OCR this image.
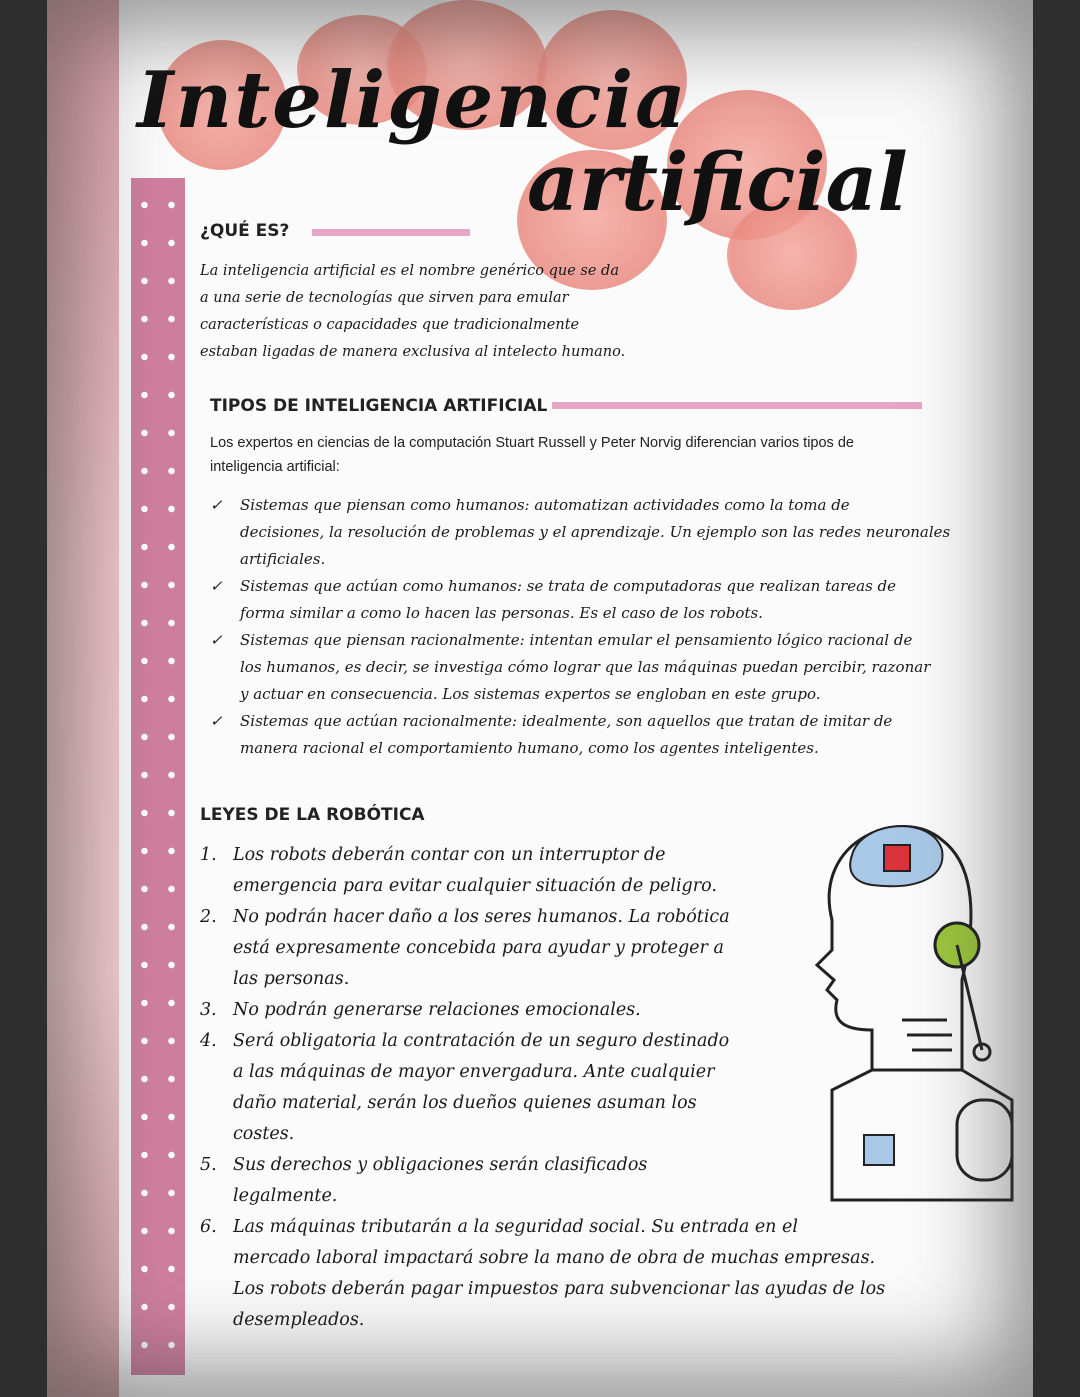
Inteligencia
artificial
¿QUÉ ES?
La inteligencia artificial es el nombre genérico que se da
a una serie de tecnologías que sirven para emular
características o capacidades que tradicionalmente
estaban ligadas de manera exclusiva al intelecto humano.
TIPOS DE INTELIGENCIA ARTIFICIAL
Los expertos en ciencias de la computación Stuart Russell y Peter Norvig diferencian varios tipos de
inteligencia artificial:
✓ Sistemas que piensan como humanos: automatizan actividades como la toma de
decisiones, la resolución de problemas y el aprendizaje. Un ejemplo son las redes neuronales
artificiales.
✓ Sistemas que actúan como humanos: se trata de computadoras que realizan tareas de
forma similar a como lo hacen las personas. Es el caso de los robots.
✓ Sistemas que piensan racionalmente: intentan emular el pensamiento lógico racional de
los humanos, es decir, se investiga cómo lograr que las máquinas puedan percibir, razonar
y actuar en consecuencia. Los sistemas expertos se engloban en este grupo.
✓ Sistemas que actúan racionalmente: idealmente, son aquellos que tratan de imitar de
manera racional el comportamiento humano, como los agentes inteligentes.
LEYES DE LA ROBÓTICA
1. Los robots deberán contar con un interruptor de
emergencia para evitar cualquier situación de peligro.
2. No podrán hacer daño a los seres humanos. La robótica
está expresamente concebida para ayudar y proteger a
las personas.
3. No podrán generarse relaciones emocionales.
4. Será obligatoria la contratación de un seguro destinado
a las máquinas de mayor envergadura. Ante cualquier
daño material, serán los dueños quienes asuman los
costes.
5. Sus derechos y obligaciones serán clasificados
legalmente.
6. Las máquinas tributarán a la seguridad social. Su entrada en el
mercado laboral impactará sobre la mano de obra de muchas empresas.
Los robots deberán pagar impuestos para subvencionar las ayudas de los
desempleados.
